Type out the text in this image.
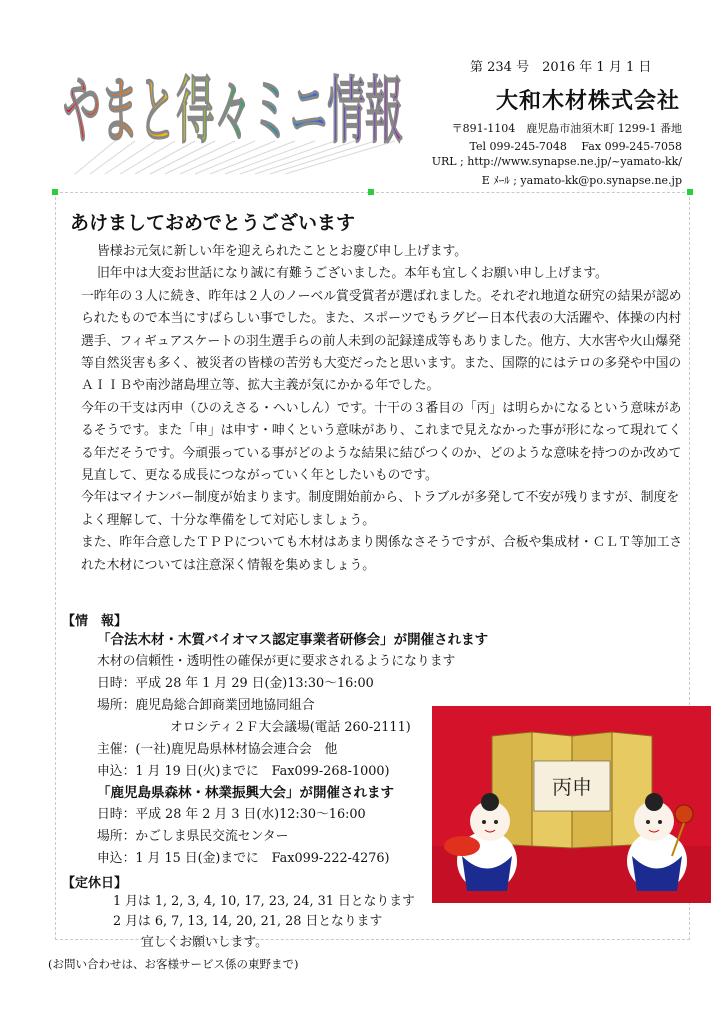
やまと得々ミニ情報
第 234 号　2016 年 1 月 1 日
大和木材株式会社
〒891-1104　鹿児島市油須木町 1299-1 番地
Tel 099-245-7048　 Fax 099-245-7058
URL ; http://www.synapse.ne.jp/~yamato-kk/
E ﾒｰﾙ ; yamato-kk@po.synapse.ne.jp
あけましておめでとうございます

皆様お元気に新しい年を迎えられたこととお慶び申し上げます。

旧年中は大変お世話になり誠に有難うございました。本年も宜しくお願い申し上げます。

一昨年の３人に続き、昨年は２人のノーベル賞受賞者が選ばれました。それぞれ地道な研究の結果が認められたもので本当にすばらしい事でした。また、スポーツでもラグビー日本代表の大活躍や、体操の内村選手、フィギュアスケートの羽生選手らの前人未到の記録達成等もありました。他方、大水害や火山爆発等自然災害も多く、被災者の皆様の苦労も大変だったと思います。また、国際的にはテロの多発や中国のＡＩＩＢや南沙諸島埋立等、拡大主義が気にかかる年でした。

今年の干支は丙申（ひのえさる・へいしん）です。十干の３番目の「丙」は明らかになるという意味があるそうです。また「申」は申す・呻くという意味があり、これまで見えなかった事が形になって現れてくる年だそうです。今頑張っている事がどのような結果に結びつくのか、どのような意味を持つのか改めて見直して、更なる成長につながっていく年としたいものです。

今年はマイナンバー制度が始まります。制度開始前から、トラブルが多発して不安が残りますが、制度をよく理解して、十分な準備をして対応しましょう。

また、昨年合意したＴＰＰについても木材はあまり関係なさそうですが、合板や集成材・ＣＬＴ等加工された木材については注意深く情報を集めましょう。

【情　報】
「合法木材・木質バイオマス認定事業者研修会」が開催されます
木材の信頼性・透明性の確保が更に要求されるようになります
日時：平成 28 年 1 月 29 日(金)13:30～16:00
場所：鹿児島総合卸商業団地協同組合
オロシティ２Ｆ大会議場(電話 260-2111)
主催：(一社)鹿児島県林材協会連合会　他
申込：1 月 19 日(火)までに　Fax099-268-1000)
「鹿児島県森林・林業振興大会」が開催されます
日時：平成 28 年 2 月 3 日(水)12:30～16:00
場所：かごしま県民交流センター
申込：1 月 15 日(金)までに　Fax099-222-4276)
【定休日】
1 月は 1, 2, 3, 4, 10, 17, 23, 24, 31 日となります
2 月は 6, 7, 13, 14, 20, 21, 28 日となります
宜しくお願いします。
丙申
(お問い合わせは、お客様サービス係の東野まで)
